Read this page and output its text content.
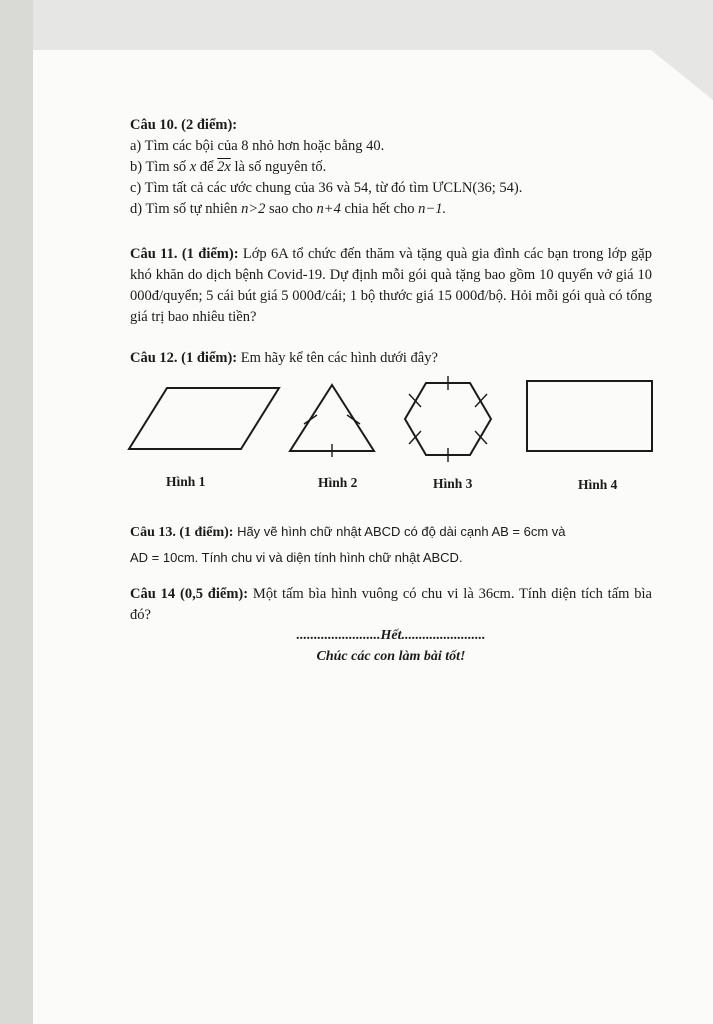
Câu 10. (2 điểm):
a) Tìm các bội của 8 nhỏ hơn hoặc bằng 40.
b) Tìm số x để 2x là số nguyên tố.
c) Tìm tất cả các ước chung của 36 và 54, từ đó tìm ƯCLN(36; 54).
d) Tìm số tự nhiên n>2 sao cho n+4 chia hết cho n−1.
Câu 11. (1 điểm): Lớp 6A tổ chức đến thăm và tặng quà gia đình các bạn trong lớp gặp khó khăn do dịch bệnh Covid-19. Dự định mỗi gói quà tặng bao gồm 10 quyển vở giá 10 000đ/quyển; 5 cái bút giá 5 000đ/cái; 1 bộ thước giá 15 000đ/bộ. Hỏi mỗi gói quà có tổng giá trị bao nhiêu tiền?
Câu 12. (1 điểm): Em hãy kể tên các hình dưới đây?
Hình 1	Hình 2	Hình 3	Hình 4
Câu 13. (1 điểm): Hãy vẽ hình chữ nhật ABCD có độ dài cạnh AB = 6cm và
AD = 10cm. Tính chu vi và diện tính hình chữ nhật ABCD.
Câu 14 (0,5 điểm): Một tấm bìa hình vuông có chu vi là 36cm. Tính diện tích tấm bìa đó?
........................Hết........................
Chúc các con làm bài tốt!
